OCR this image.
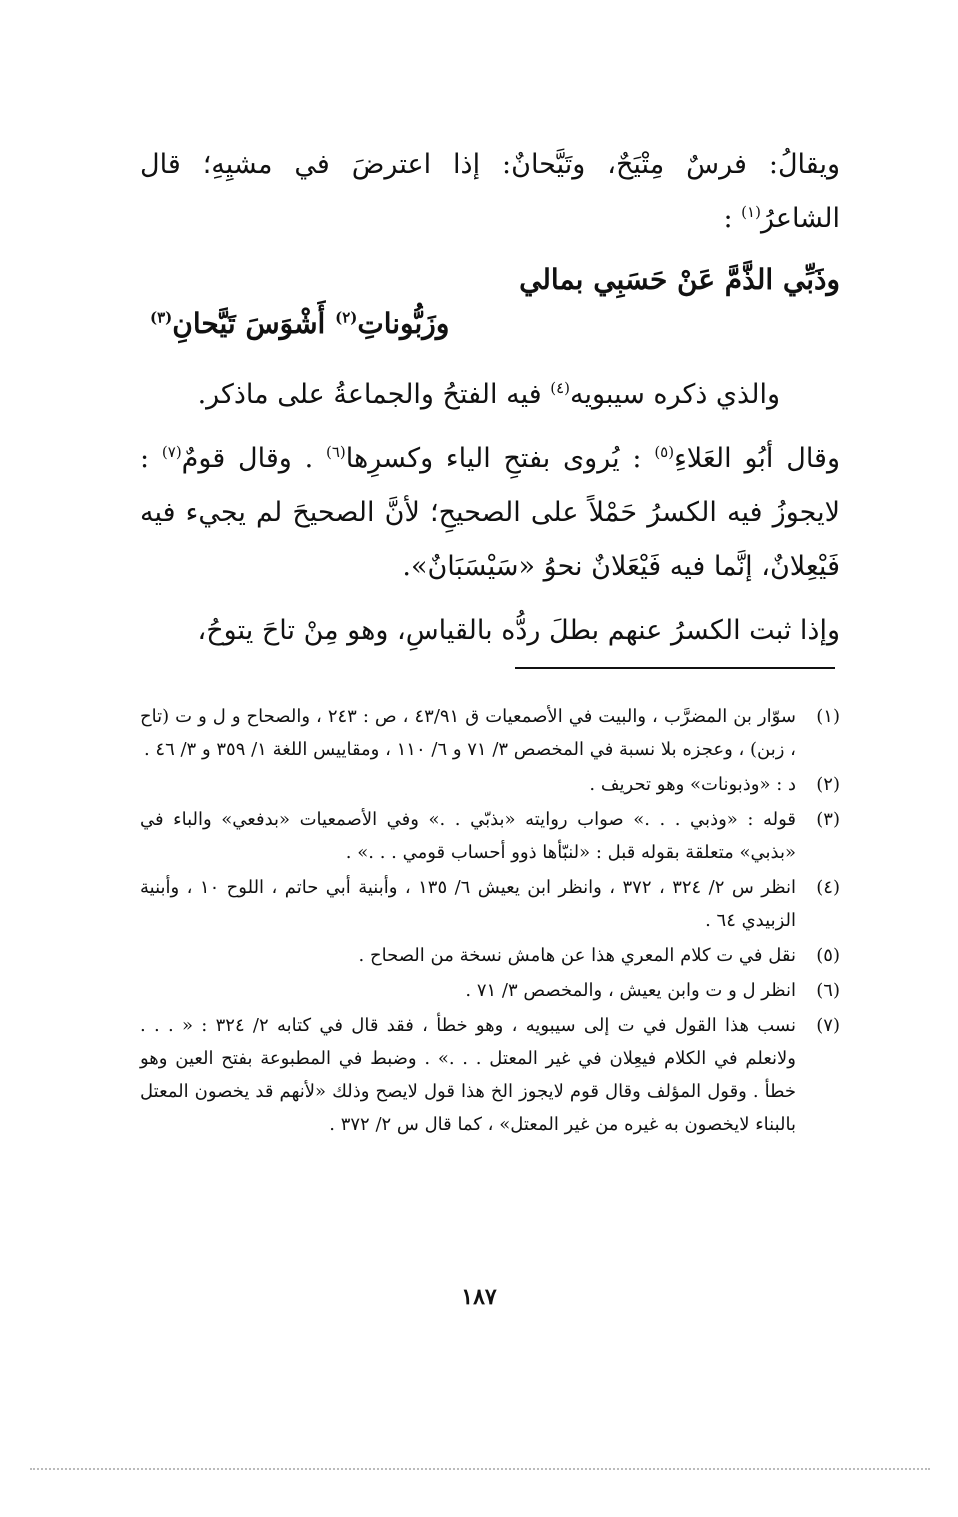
ويقالُ: فرسٌ مِتْيَحٌ، وتَيَّحانٌ: إذا اعترضَ في مشيِهِ؛ قال الشاعرُ$^{(١)}$ :
وذَبِّي الذَّمَّ عَنْ حَسَبِي بمالي
وزَبُّوناتِ$^{(٢)}$ أَشْوَسَ تَيَّحانِ$^{(٣)}$
والذي ذكره سيبويه$^{(٤)}$ فيه الفتحُ والجماعةُ على ماذكر.
وقال أبُو العَلاءِ$^{(٥)}$ : يُروى بفتحِ الياء وكسرِها$^{(٦)}$ . وقال قومٌ$^{(٧)}$ : لايجوزُ فيه الكسرُ حَمْلاً على الصحيحِ؛ لأنَّ الصحيحَ لم يجيء فيه فَيْعِلانٌ، إنَّما فيه فَيْعَلانٌ نحوُ «سَيْسَبَانٌ».
وإذا ثبت الكسرُ عنهم بطلَ ردُّه بالقياسِ، وهو مِنْ تاحَ يتوحُ،
(١)
سوّار بن المضرَّب ، والبيت في الأصمعيات ق ٤٣/٩١ ، ص : ٢٤٣ ، والصحاح و ل و ت (تاح ، زبن) ، وعجزه بلا نسبة في المخصص ٣/ ٧١ و ٦/ ١١٠ ، ومقاييس اللغة ١/ ٣٥٩ و ٣/ ٤٦ .
(٢)
د : «وذبونات» وهو تحريف .
(٣)
قوله : «وذبي . . .» صواب روايته «بذبّي . .» وفي الأصمعيات «بدفعي» والباء في «بذبي» متعلقة بقوله قبل : «لنبّأها ذوو أحساب قومي . . .» .
(٤)
انظر س ٢/ ٣٢٤ ، ٣٧٢ ، وانظر ابن يعيش ٦/ ١٣٥ ، وأبنية أبي حاتم ، اللوح ١٠ ، وأبنية الزبيدي ٦٤ .
(٥)
نقل في ت كلام المعري هذا عن هامش نسخة من الصحاح .
(٦)
انظر ل و ت وابن يعيش ، والمخصص ٣/ ٧١ .
(٧)
نسب هذا القول في ت إلى سيبويه ، وهو خطأ ، فقد قال في كتابه ٢/ ٣٢٤ : « . . . ولانعلم في الكلام فيعِلان في غير المعتل . . .» . وضبط في المطبوعة بفتح العين وهو خطأ . وقول المؤلف وقال قوم لايجوز الخ هذا قول لايصح وذلك «لأنهم قد يخصون المعتل بالبناء لايخصون به غيره من غير المعتل» ، كما قال س ٢/ ٣٧٢ .
١٨٧
